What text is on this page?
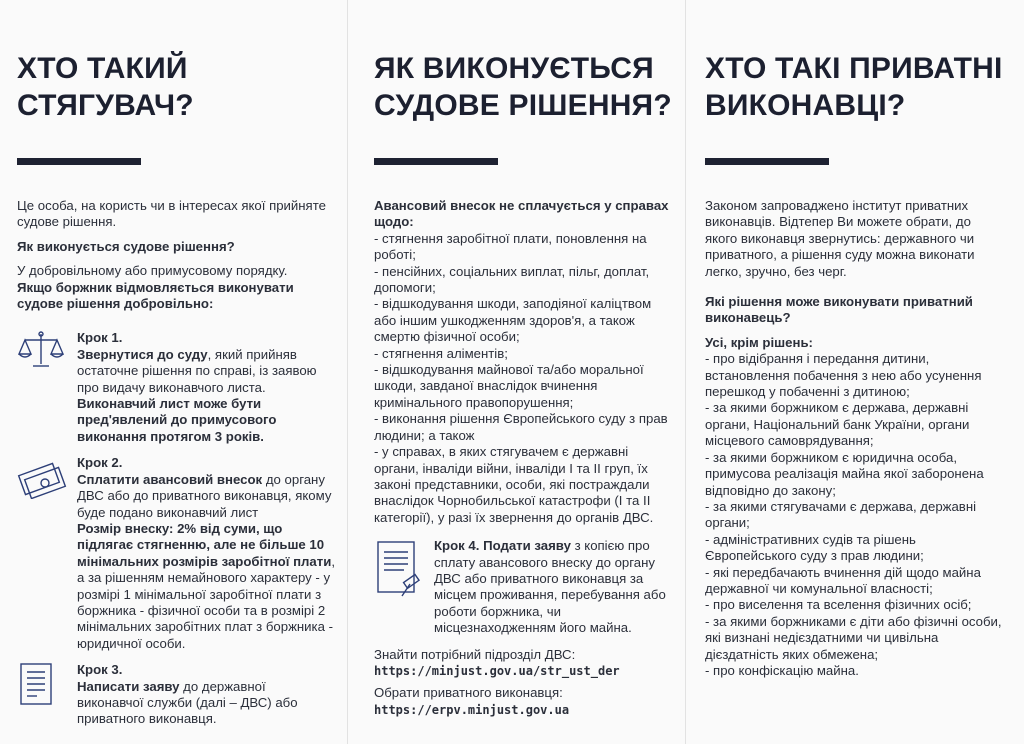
ХТО ТАКИЙ
СТЯГУВАЧ?

Це особа, на користь чи в інтересах якої прийняте судове рішення.

Як виконується судове рішення?

У добровільному або примусовому порядку.

Якщо боржник відмовляється виконувати судове рішення добровільно:

Крок 1.

Звернутися до суду, який прийняв остаточне рішення по справі, із заявою про видачу виконавчого листа.

Виконавчий лист може бути пред'явлений до примусового виконання протягом 3 років.

Крок 2.

Сплатити авансовий внесок до органу ДВС або до приватного виконавця, якому буде подано виконавчий лист

Розмір внеску: 2% від суми, що підлягає стягненню, але не більше 10 мінімальних розмірів заробітної плати, а за рішенням немайнового характеру - у розмірі 1 мінімальної заробітної плати з боржника - фізичної особи та в розмірі 2 мінімальних заробітних плат з боржника - юридичної особи.

Крок 3.

Написати заяву до державної виконавчої служби (далі – ДВС) або приватного виконавця.

ЯК ВИКОНУЄТЬСЯ
СУДОВЕ РІШЕННЯ?

Авансовий внесок не сплачується у справах щодо:

- стягнення заробітної плати, поновлення на роботі;

- пенсійних, соціальних виплат, пільг, доплат, допомоги;

- відшкодування шкоди, заподіяної каліцтвом або іншим ушкодженням здоров'я, а також смертю фізичної особи;

- стягнення аліментів;

- відшкодування майнової та/або моральної шкоди, завданої внаслідок вчинення кримінального правопорушення;

- виконання рішення Європейського суду з прав людини; а також

- у справах, в яких стягувачем є державні органи, інваліди війни, інваліди I та II груп, їх законі представники, особи, які постраждали внаслідок Чорнобильської катастрофи (I та II категорії), у разі їх звернення до органів ДВС.

Крок 4. Подати заяву з копією про сплату авансового внеску до органу ДВС або приватного виконавця за місцем проживання, перебування або роботи боржника, чи місцезнаходженням його майна.

Знайти потрібний підрозділ ДВС:

https://minjust.gov.ua/str_ust_der

Обрати приватного виконавця:

https://erpv.minjust.gov.ua

ХТО ТАКІ ПРИВАТНІ
ВИКОНАВЦІ?

Законом запроваджено інститут приватних виконавців. Відтепер Ви можете обрати, до якого виконавця звернутись: державного чи приватного, а рішення суду можна виконати легко, зручно, без черг.

Які рішення може виконувати приватний виконавець?

Усі, крім рішень:

- про відібрання і передання дитини, встановлення побачення з нею або усунення перешкод у побаченні з дитиною;

- за якими боржником є держава, державні органи, Національний банк України, органи місцевого самоврядування;

- за якими боржником є юридична особа, примусова реалізація майна якої заборонена відповідно до закону;

- за якими стягувачами є держава, державні органи;

- адміністративних судів та рішень Європейського суду з прав людини;

- які передбачають вчинення дій щодо майна державної чи комунальної власності;

- про виселення та вселення фізичних осіб;

- за якими боржниками є діти або фізичні особи, які визнані недієздатними чи цивільна дієздатність яких обмежена;

- про конфіскацію майна.
